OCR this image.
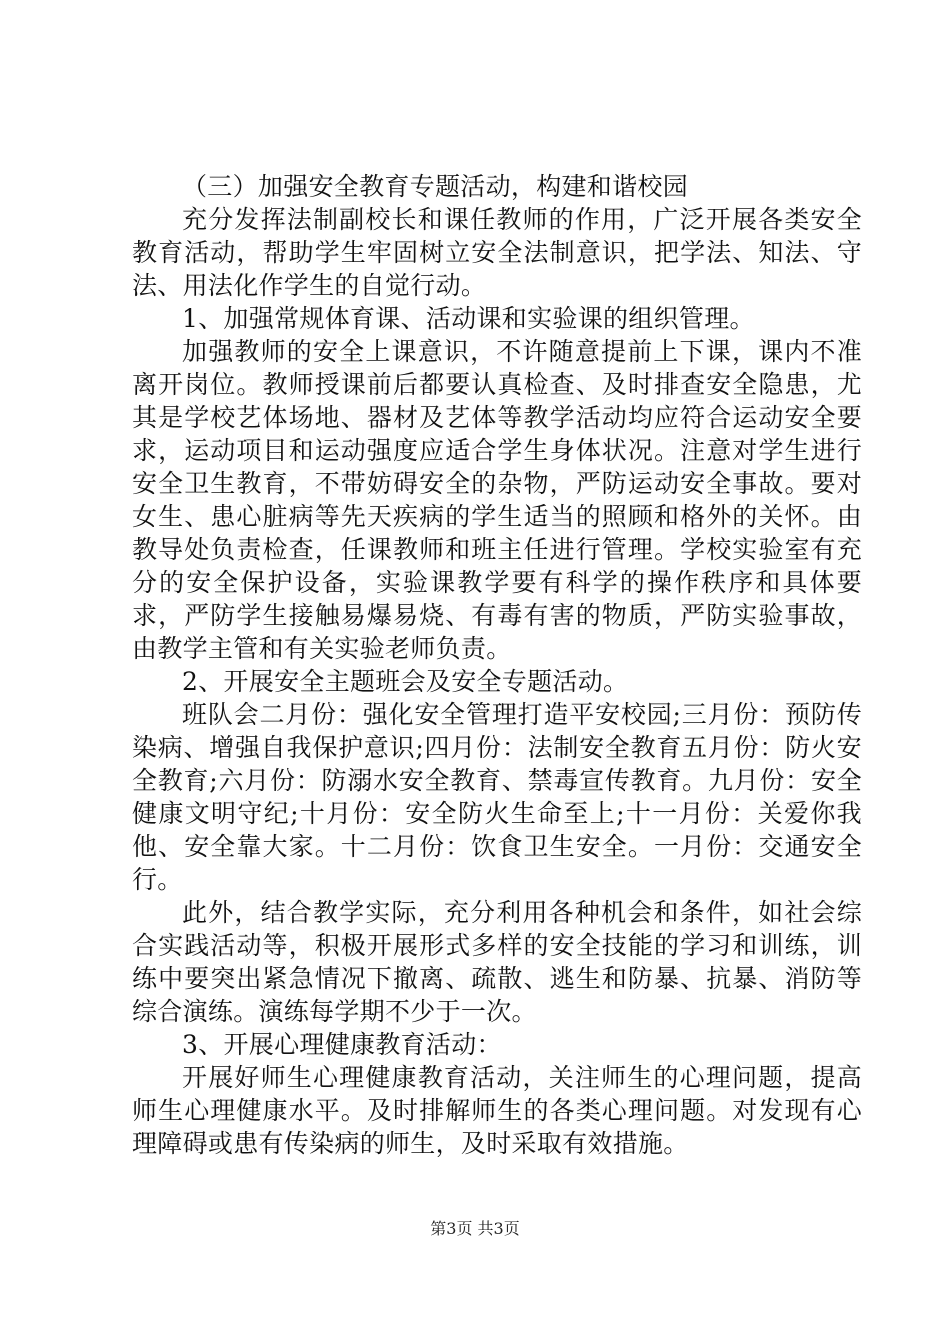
（三）加强安全教育专题活动，构建和谐校园

充分发挥法制副校长和课任教师的作用，广泛开展各类安全教育活动，帮助学生牢固树立安全法制意识，把学法、知法、守法、用法化作学生的自觉行动。

1、加强常规体育课、活动课和实验课的组织管理。

加强教师的安全上课意识，不许随意提前上下课，课内不准离开岗位。教师授课前后都要认真检查、及时排查安全隐患，尤其是学校艺体场地、器材及艺体等教学活动均应符合运动安全要求，运动项目和运动强度应适合学生身体状况。注意对学生进行安全卫生教育，不带妨碍安全的杂物，严防运动安全事故。要对女生、患心脏病等先天疾病的学生适当的照顾和格外的关怀。由教导处负责检查，任课教师和班主任进行管理。学校实验室有充分的安全保护设备，实验课教学要有科学的操作秩序和具体要求，严防学生接触易爆易烧、有毒有害的物质，严防实验事故，由教学主管和有关实验老师负责。

2、开展安全主题班会及安全专题活动。

班队会二月份：强化安全管理打造平安校园;三月份：预防传染病、增强自我保护意识;四月份：法制安全教育五月份：防火安全教育;六月份：防溺水安全教育、禁毒宣传教育。九月份：安全健康文明守纪;十月份：安全防火生命至上;十一月份：关爱你我他、安全靠大家。十二月份：饮食卫生安全。一月份：交通安全行。

此外，结合教学实际，充分利用各种机会和条件，如社会综合实践活动等，积极开展形式多样的安全技能的学习和训练，训练中要突出紧急情况下撤离、疏散、逃生和防暴、抗暴、消防等综合演练。演练每学期不少于一次。

3、开展心理健康教育活动：

开展好师生心理健康教育活动，关注师生的心理问题，提高师生心理健康水平。及时排解师生的各类心理问题。对发现有心理障碍或患有传染病的师生，及时采取有效措施。

第3页 共3页
